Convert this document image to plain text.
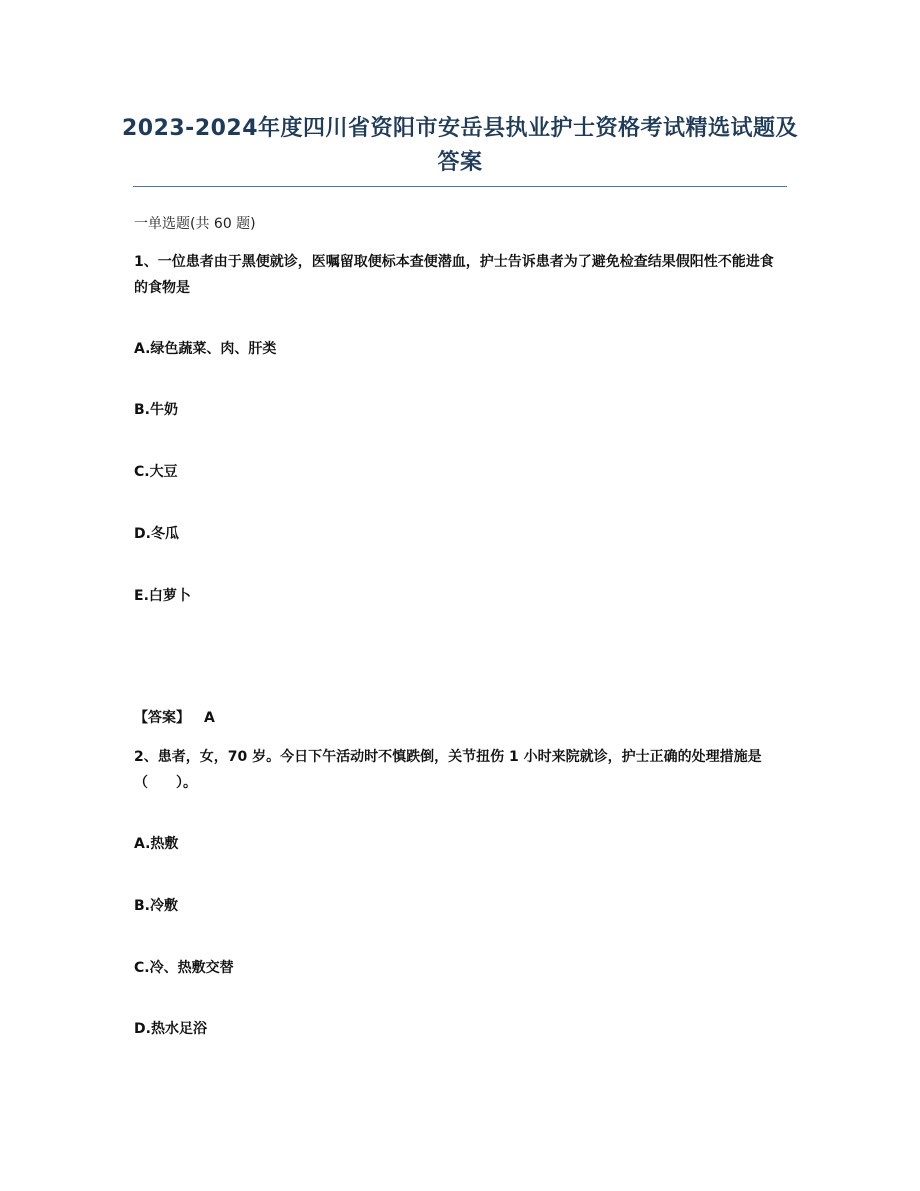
2023-2024年度四川省资阳市安岳县执业护士资格考试精选试题及答案
一单选题(共 60 题)
1、一位患者由于黑便就诊，医嘱留取便标本查便潜血，护士告诉患者为了避免检查结果假阳性不能进食的食物是
A.绿色蔬菜、肉、肝类
B.牛奶
C.大豆
D.冬瓜
E.白萝卜
【答案】 A
2、患者，女，70 岁。今日下午活动时不慎跌倒，关节扭伤 1 小时来院就诊，护士正确的处理措施是（　　）。
A.热敷
B.冷敷
C.冷、热敷交替
D.热水足浴
